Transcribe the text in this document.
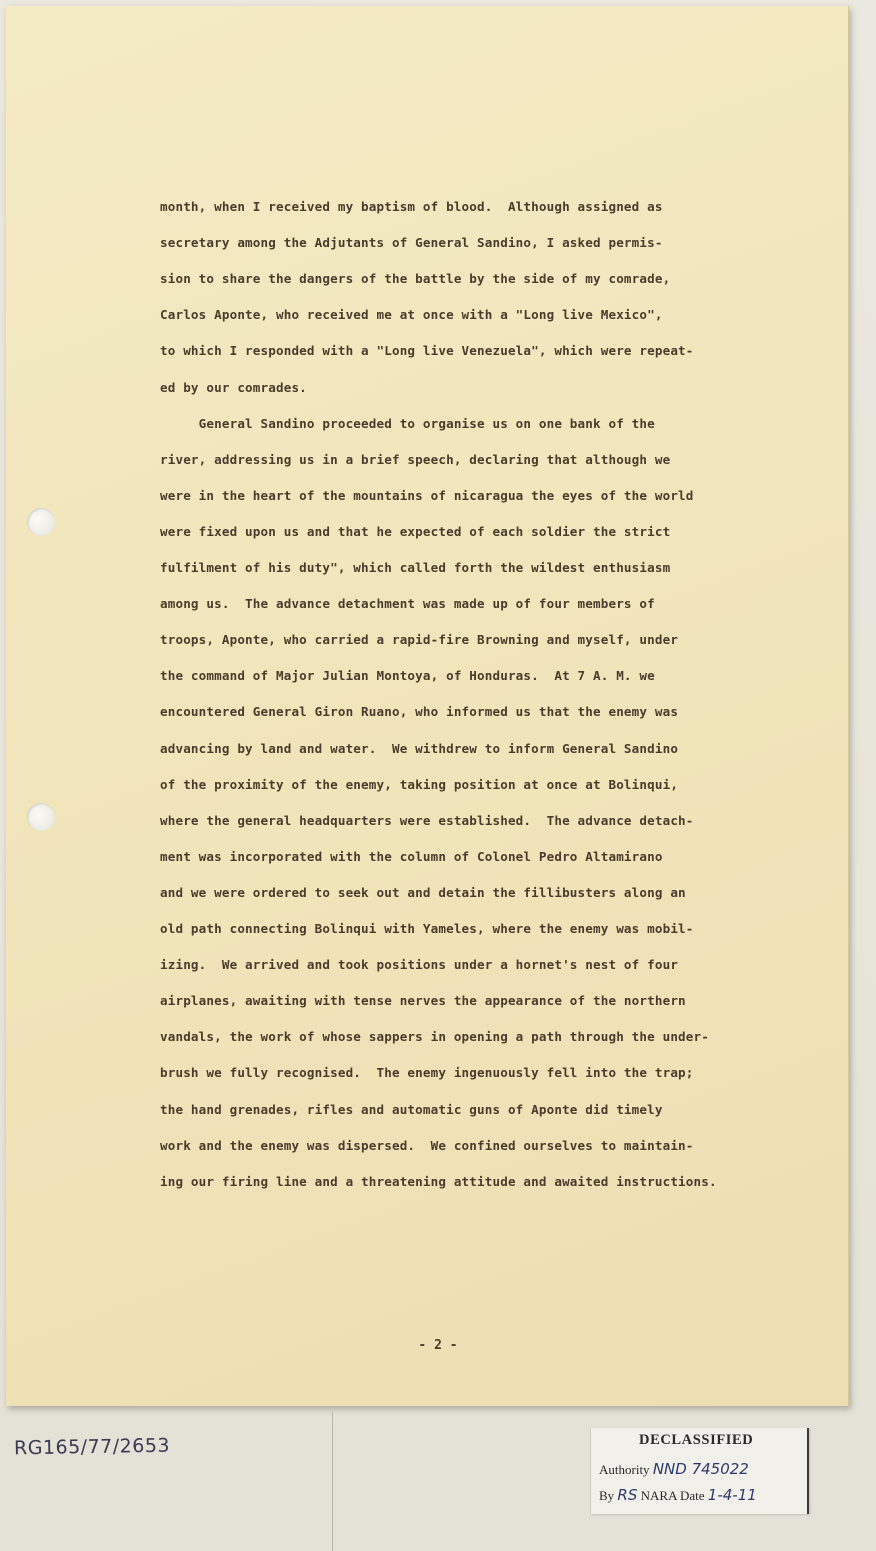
month, when I received my baptism of blood.  Although assigned as
secretary among the Adjutants of General Sandino, I asked permis-
sion to share the dangers of the battle by the side of my comrade,
Carlos Aponte, who received me at once with a "Long live Mexico",
to which I responded with a "Long live Venezuela", which were repeat-
ed by our comrades.
General Sandino proceeded to organise us on one bank of the
river, addressing us in a brief speech, declaring that although we
were in the heart of the mountains of nicaragua the eyes of the world
were fixed upon us and that he expected of each soldier the strict
fulfilment of his duty", which called forth the wildest enthusiasm
among us.  The advance detachment was made up of four members of
troops, Aponte, who carried a rapid-fire Browning and myself, under
the command of Major Julian Montoya, of Honduras.  At 7 A. M. we
encountered General Giron Ruano, who informed us that the enemy was
advancing by land and water.  We withdrew to inform General Sandino
of the proximity of the enemy, taking position at once at Bolinqui,
where the general headquarters were established.  The advance detach-
ment was incorporated with the column of Colonel Pedro Altamirano
and we were ordered to seek out and detain the fillibusters along an
old path connecting Bolinqui with Yameles, where the enemy was mobil-
izing.  We arrived and took positions under a hornet's nest of four
airplanes, awaiting with tense nerves the appearance of the northern
vandals, the work of whose sappers in opening a path through the under-
brush we fully recognised.  The enemy ingenuously fell into the trap;
the hand grenades, rifles and automatic guns of Aponte did timely
work and the enemy was dispersed.  We confined ourselves to maintain-
ing our firing line and a threatening attitude and awaited instructions.
- 2 -
RG165/77/2653	DECLASSIFIED
Authority NND 745022
By RS NARA Date 1-4-11
